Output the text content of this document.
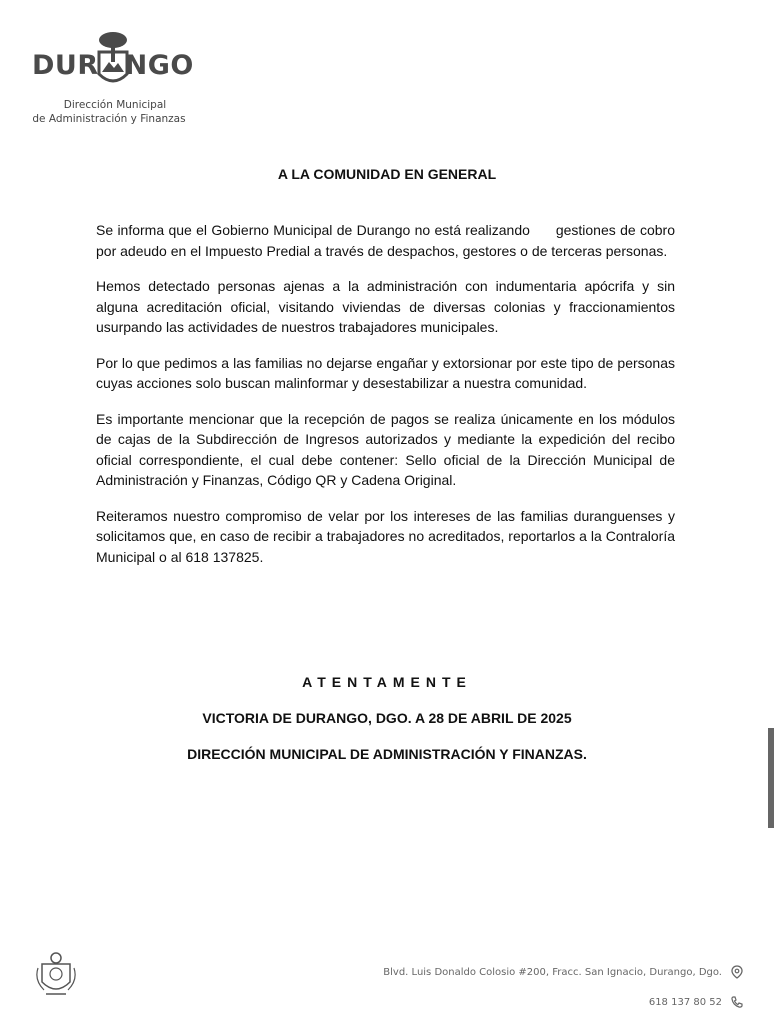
DUR NGO
Dirección Municipal
de Administración y Finanzas
A LA COMUNIDAD EN GENERAL

Se informa que el Gobierno Municipal de Durango no está realizando      gestiones de cobro por adeudo en el Impuesto Predial a través de despachos, gestores o de terceras personas.

Hemos detectado personas ajenas a la administración con indumentaria apócrifa y sin alguna acreditación oficial, visitando viviendas de diversas colonias y fraccionamientos usurpando las actividades de nuestros trabajadores municipales.

Por lo que pedimos a las familias no dejarse engañar y extorsionar por este tipo de personas cuyas acciones solo buscan malinformar y desestabilizar a nuestra comunidad.

Es importante mencionar que la recepción de pagos se realiza únicamente en los módulos de cajas de la Subdirección de Ingresos autorizados y mediante la expedición del recibo oficial correspondiente, el cual debe contener: Sello oficial de la Dirección Municipal de Administración y Finanzas, Código QR y Cadena Original.

Reiteramos nuestro compromiso de velar por los intereses de las familias duranguenses y solicitamos que, en caso de recibir a trabajadores no acreditados, reportarlos a la Contraloría Municipal o al 618 137825.

ATENTAMENTE
VICTORIA DE DURANGO, DGO. A 28 DE ABRIL DE 2025
DIRECCIÓN MUNICIPAL DE ADMINISTRACIÓN Y FINANZAS.
Blvd. Luis Donaldo Colosio #200, Fracc. San Ignacio, Durango, Dgo.
618 137 80 52
